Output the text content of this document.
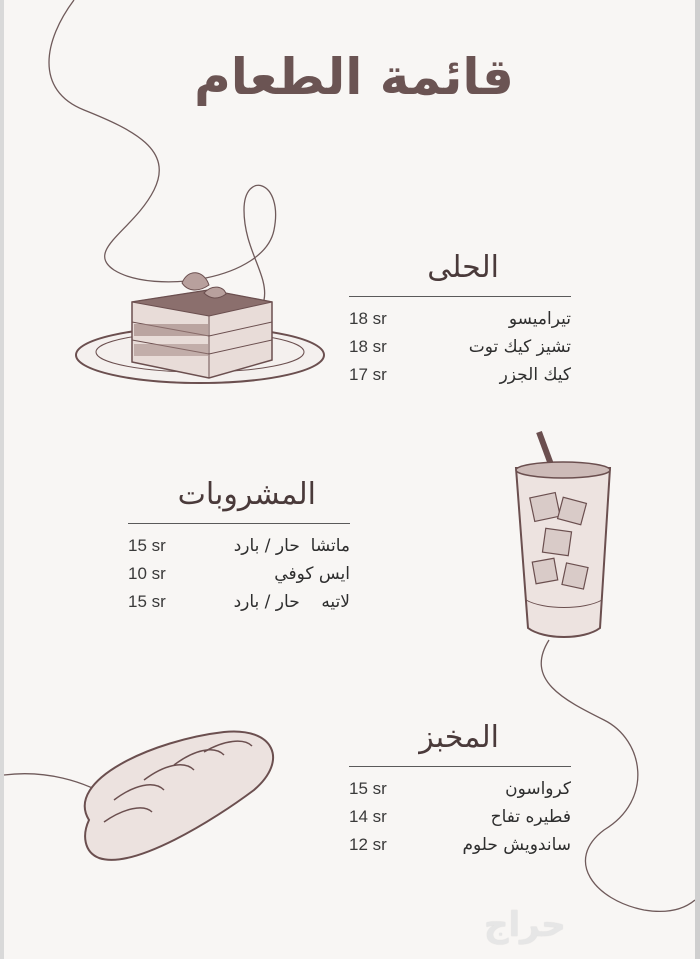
قائمة الطعام
الحلى
تيراميسو
18 sr
تشيز كيك توت
18 sr
كيك الجزر
17 sr
المشروبات
ماتشا  حار / بارد
15 sr
ايس كوفي
10 sr
لاتيه    حار / بارد
15 sr
المخبز
كرواسون
15 sr
فطيره تفاح
14 sr
ساندويش حلوم
12 sr
حراج
